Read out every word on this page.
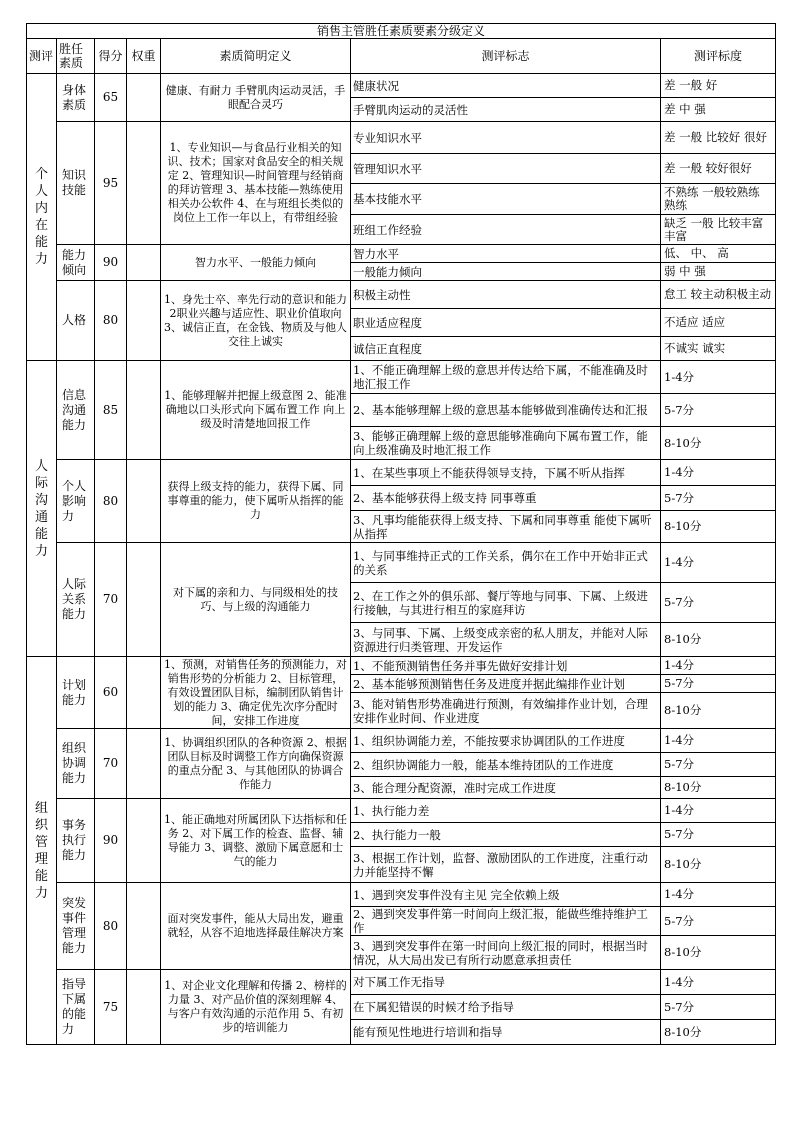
销售主管胜任素质要素分级定义						
测评	胜任素质	得分	权重	素质简明定义	测评标志	测评标度
个人内在能力	身体素质	65		健康、有耐力 手臂肌肉运动灵活，手眼配合灵巧	健康状况	差 一般 好
					手臂肌肉运动的灵活性	差 中 强
	知识技能	95		1、专业知识—与食品行业相关的知识、技术；国家对食品安全的相关规定 2、管理知识—时间管理与经销商的拜访管理 3、基本技能—熟练使用相关办公软件 4、在与班组长类似的岗位上工作一年以上，有带组经验	专业知识水平	差 一般 比较好 很好
					管理知识水平	差 一般 较好很好
					基本技能水平	不熟练 一般较熟练 熟练
					班组工作经验	缺乏 一般 比较丰富 丰富
	能力倾向	90		智力水平、一般能力倾向	智力水平	低、 中、 高
					一般能力倾向	弱 中 强
	人格	80		1、身先士卒、率先行动的意识和能力 2职业兴趣与适应性、职业价值取向 3、诚信正直，在金钱、物质及与他人交往上诚实	积极主动性	怠工 较主动积极主动
					职业适应程度	不适应 适应
					诚信正直程度	不诚实 诚实
人际沟通能力	信息沟通能力	85		1、能够理解并把握上级意图 2、能准确地以口头形式向下属布置工作 向上级及时清楚地回报工作	1、不能正确理解上级的意思并传达给下属，不能准确及时地汇报工作	1-4分
					2、基本能够理解上级的意思基本能够做到准确传达和汇报	5-7分
					3、能够正确理解上级的意思能够准确向下属布置工作，能向上级准确及时地汇报工作	8-10分
	个人影响力	80		获得上级支持的能力，获得下属、同事尊重的能力，使下属听从指挥的能力	1、在某些事项上不能获得领导支持，下属不听从指挥	1-4分
					2、基本能够获得上级支持 同事尊重	5-7分
					3、凡事均能能获得上级支持、下属和同事尊重 能使下属听从指挥	8-10分
	人际关系能力	70		对下属的亲和力、与同级相处的技巧、与上级的沟通能力	1、与同事维持正式的工作关系，偶尔在工作中开始非正式的关系	1-4分
					2、在工作之外的俱乐部、餐厅等地与同事、下属、上级进行接触，与其进行相互的家庭拜访	5-7分
					3、与同事、下属、上级变成亲密的私人朋友，并能对人际资源进行归类管理、开发运作	8-10分
组织管理能力	计划能力	60		1、预测，对销售任务的预测能力，对销售形势的分析能力 2、目标管理，有效设置团队目标，编制团队销售计划的能力 3、确定优先次序分配时间，安排工作进度	1、不能预测销售任务并事先做好安排计划	1-4分
					2、基本能够预测销售任务及进度并据此编排作业计划	5-7分
					3、能对销售形势准确进行预测，有效编排作业计划，合理安排作业时间、作业进度	8-10分
	组织协调能力	70		1、协调组织团队的各种资源 2、根据团队目标及时调整工作方向确保资源的重点分配 3、与其他团队的协调合作能力	1、组织协调能力差，不能按要求协调团队的工作进度	1-4分
					2、组织协调能力一般，能基本维持团队的工作进度	5-7分
					3、能合理分配资源，准时完成工作进度	8-10分
	事务执行能力	90		1、能正确地对所属团队下达指标和任务 2、对下属工作的检查、监督、辅导能力 3、调整、激励下属意愿和士气的能力	1、执行能力差	1-4分
					2、执行能力一般	5-7分
					3、根据工作计划，监督、激励团队的工作进度，注重行动力并能坚持不懈	8-10分
	突发事件管理能力	80		面对突发事件，能从大局出发，避重就轻，从容不迫地选择最佳解决方案	1、遇到突发事件没有主见 完全依赖上级	1-4分
					2、遇到突发事件第一时间向上级汇报，能做些维持维护工作	5-7分
					3、遇到突发事件在第一时间向上级汇报的同时，根据当时情况，从大局出发已有所行动愿意承担责任	8-10分
	指导下属的能力	75		1、对企业文化理解和传播 2、榜样的力量 3、对产品价值的深刻理解 4、与客户有效沟通的示范作用 5、有初步的培训能力	对下属工作无指导	1-4分
					在下属犯错误的时候才给予指导	5-7分
					能有预见性地进行培训和指导	8-10分
